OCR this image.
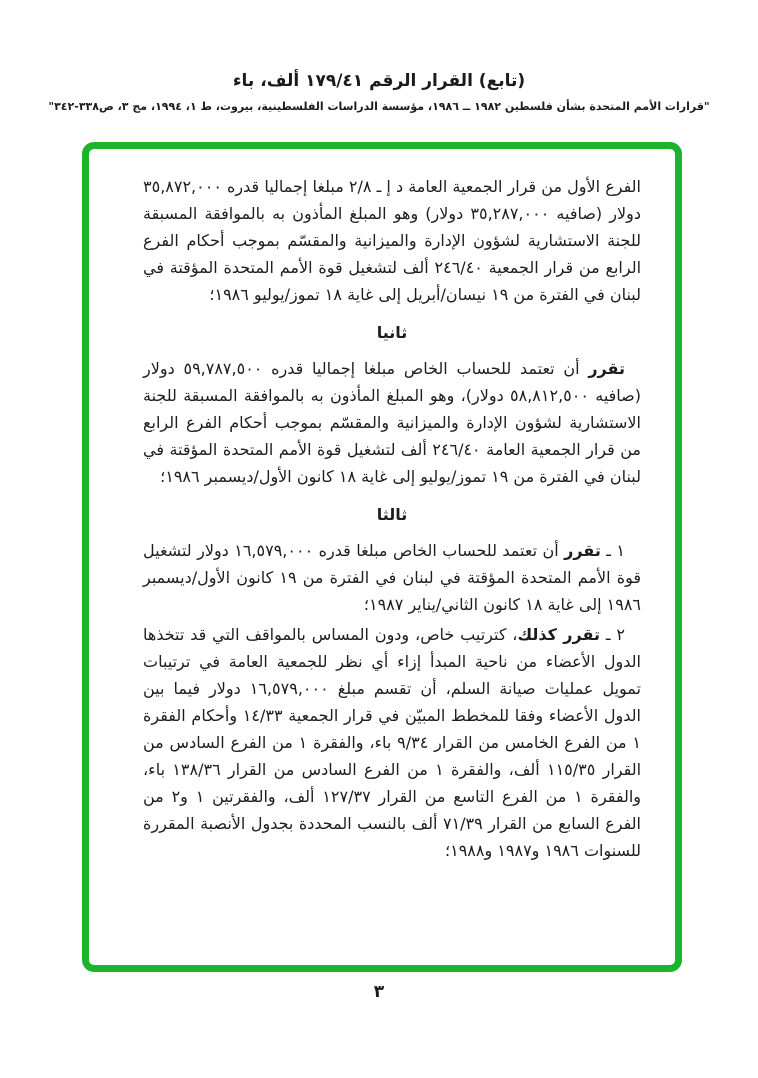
(تابع) القرار الرقم ١٧٩/٤١ ألف، باء
"قرارات الأمم المتحدة بشأن فلسطين ١٩٨٢ ــ ١٩٨٦، مؤسسة الدراسات الفلسطينية، بيروت، ط ١، ١٩٩٤، مج ٣، ص٣٣٨-٣٤٢"

الفرع الأول من قرار الجمعية العامة د إ ـ ٢/٨ مبلغا إجماليا قدره ٣٥,٨٧٢,٠٠٠ دولار (صافيه ٣٥,٢٨٧,٠٠٠ دولار) وهو المبلغ المأذون به بالموافقة المسبقة للجنة الاستشارية لشؤون الإدارة والميزانية والمقسّم بموجب أحكام الفرع الرابع من قرار الجمعية ٢٤٦/٤٠ ألف لتشغيل قوة الأمم المتحدة المؤقتة في لبنان في الفترة من ١٩ نيسان/أبريل إلى غاية ١٨ تموز/يوليو ١٩٨٦؛

ثانيا

تقرر أن تعتمد للحساب الخاص مبلغا إجماليا قدره ٥٩,٧٨٧,٥٠٠ دولار (صافيه ٥٨,٨١٢,٥٠٠ دولار)، وهو المبلغ المأذون به بالموافقة المسبقة للجنة الاستشارية لشؤون الإدارة والميزانية والمقسّم بموجب أحكام الفرع الرابع من قرار الجمعية العامة ٢٤٦/٤٠ ألف لتشغيل قوة الأمم المتحدة المؤقتة في لبنان في الفترة من ١٩ تموز/يوليو إلى غاية ١٨ كانون الأول/ديسمبر ١٩٨٦؛

ثالثا

١ ـ تقرر أن تعتمد للحساب الخاص مبلغا قدره ١٦,٥٧٩,٠٠٠ دولار لتشغيل قوة الأمم المتحدة المؤقتة في لبنان في الفترة من ١٩ كانون الأول/ديسمبر ١٩٨٦ إلى غاية ١٨ كانون الثاني/يناير ١٩٨٧؛

٢ ـ تقرر كذلك، كترتيب خاص، ودون المساس بالمواقف التي قد تتخذها الدول الأعضاء من ناحية المبدأ إزاء أي نظر للجمعية العامة في ترتيبات تمويل عمليات صيانة السلم، أن تقسم مبلغ ١٦,٥٧٩,٠٠٠ دولار فيما بين الدول الأعضاء وفقا للمخطط المبيّن في قرار الجمعية ١٤/٣٣ وأحكام الفقرة ١ من الفرع الخامس من القرار ٩/٣٤ باء، والفقرة ١ من الفرع السادس من القرار ١١٥/٣٥ ألف، والفقرة ١ من الفرع السادس من القرار ١٣٨/٣٦ باء، والفقرة ١ من الفرع التاسع من القرار ١٢٧/٣٧ ألف، والفقرتين ١ و٢ من الفرع السابع من القرار ٧١/٣٩ ألف بالنسب المحددة بجدول الأنصبة المقررة للسنوات ١٩٨٦ و١٩٨٧ و١٩٨٨؛

٣
